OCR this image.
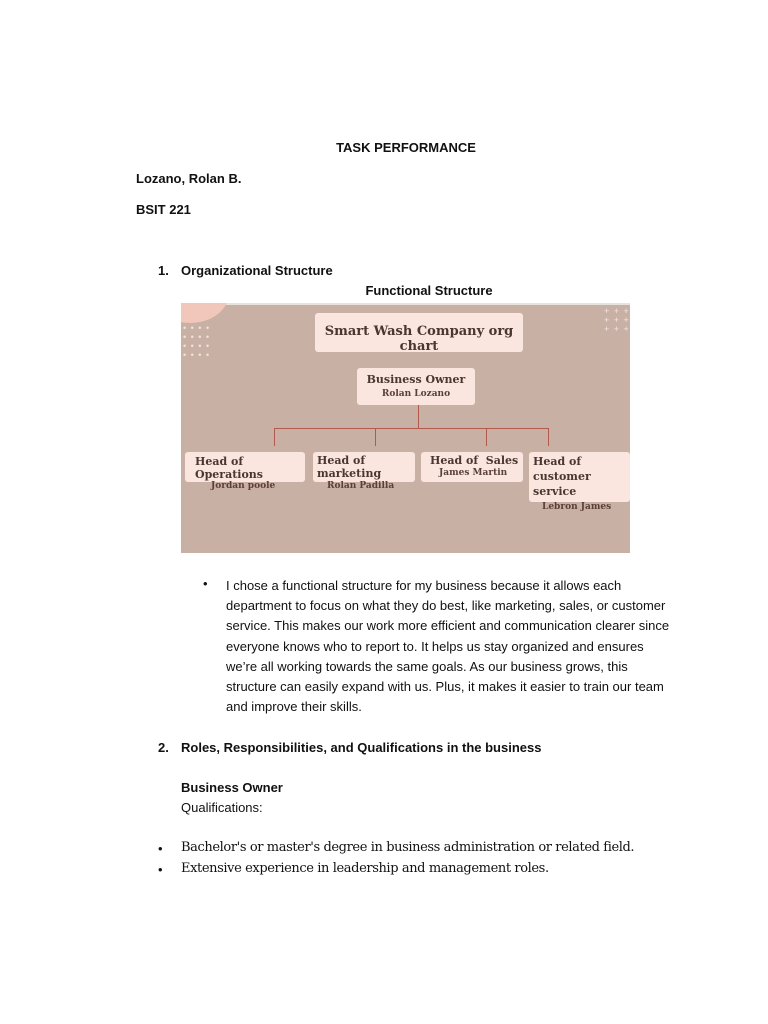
TASK PERFORMANCE
Lozano, Rolan B.
BSIT 221
1. Organizational Structure
Functional Structure
• • • •
• • • •
• • • •
• • • •
+ + +
+ + +
+ + +
Smart Wash Company org chart
Business Owner
Rolan Lozano
Head of Operations
Jordan poole
Head of marketing
Rolan Padilla
Head of  Sales
James Martin
Head of customer service
Lebron James
• I chose a functional structure for my business because it allows each department to focus on what they do best, like marketing, sales, or customer service. This makes our work more efficient and communication clearer since everyone knows who to report to. It helps us stay organized and ensures we’re all working towards the same goals. As our business grows, this structure can easily expand with us. Plus, it makes it easier to train our team and improve their skills.
2. Roles, Responsibilities, and Qualifications in the business
Business Owner
Qualifications:
• Bachelor's or master's degree in business administration or related field.
• Extensive experience in leadership and management roles.
